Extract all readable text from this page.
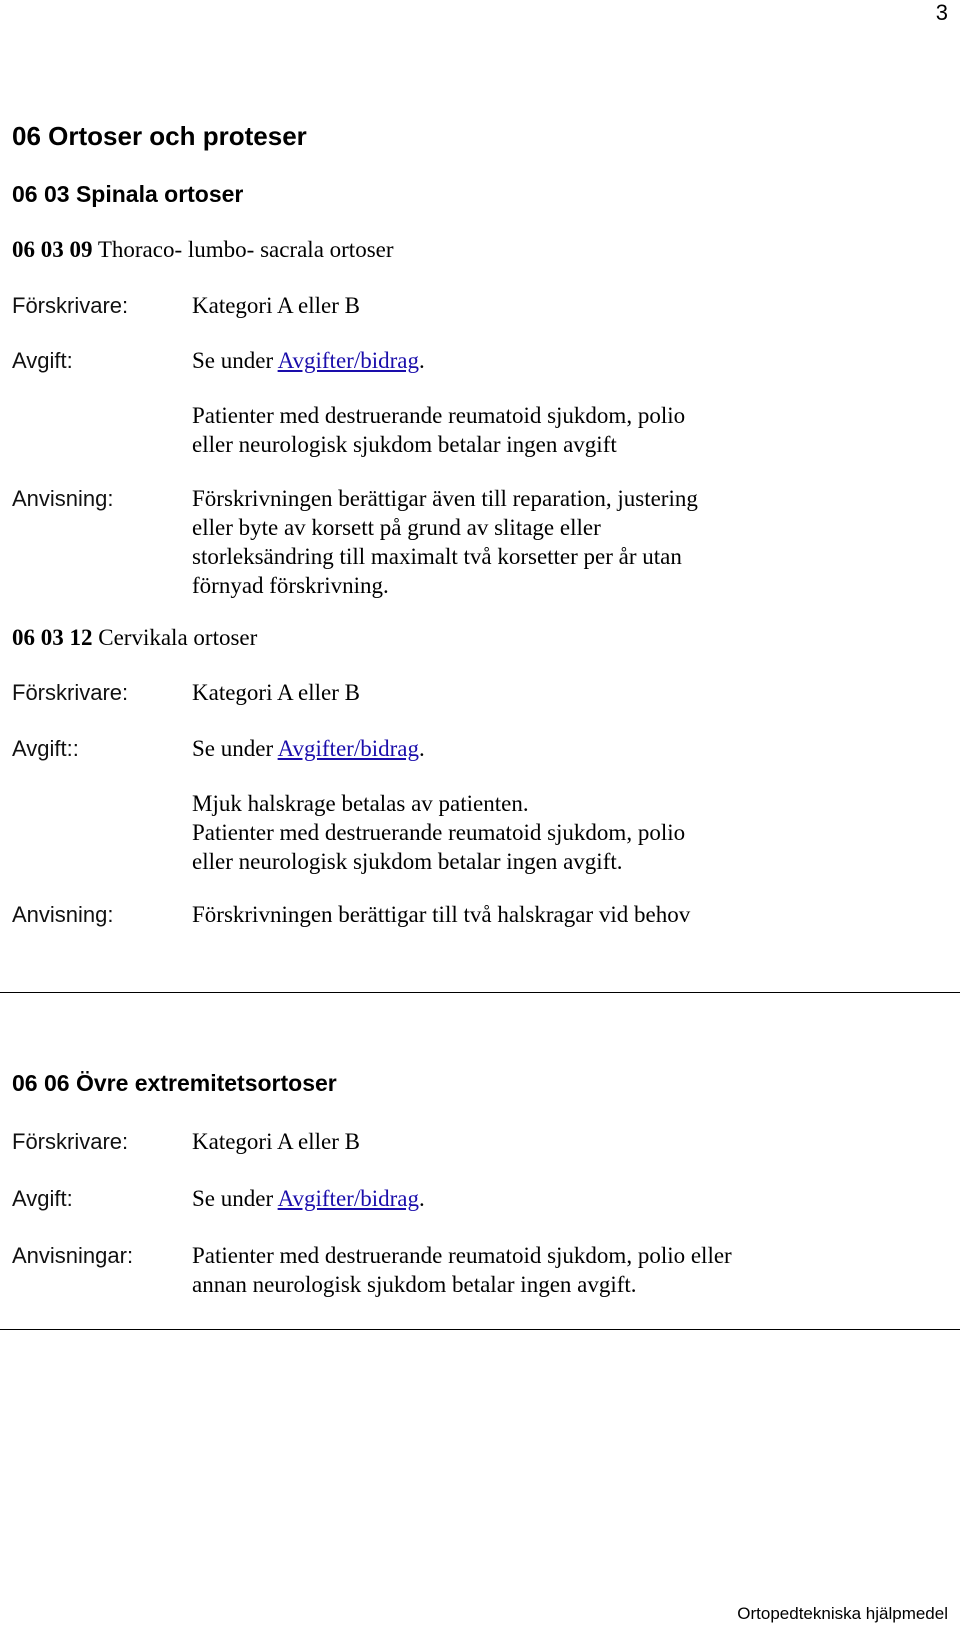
3
06 Ortoser och proteser
06 03 Spinala ortoser
06 03 09 Thoraco- lumbo- sacrala ortoser
Förskrivare:	Kategori A eller B
Avgift:	Se under Avgifter/bidrag.
Patienter med destruerande reumatoid sjukdom, polio
eller neurologisk sjukdom betalar ingen avgift
Anvisning:	Förskrivningen berättigar även till reparation, justering
eller byte av korsett på grund av slitage eller
storleksändring till maximalt två korsetter per år utan
förnyad förskrivning.
06 03 12 Cervikala ortoser
Förskrivare:	Kategori A eller B
Avgift::	Se under Avgifter/bidrag.
Mjuk halskrage betalas av patienten.
Patienter med destruerande reumatoid sjukdom, polio
eller neurologisk sjukdom betalar ingen avgift.
Anvisning:	Förskrivningen berättigar till två halskragar vid behov
06 06 Övre extremitetsortoser
Förskrivare:	Kategori A eller B
Avgift:	Se under Avgifter/bidrag.
Anvisningar:	Patienter med destruerande reumatoid sjukdom, polio eller
annan neurologisk sjukdom betalar ingen avgift.
Ortopedtekniska hjälpmedel
